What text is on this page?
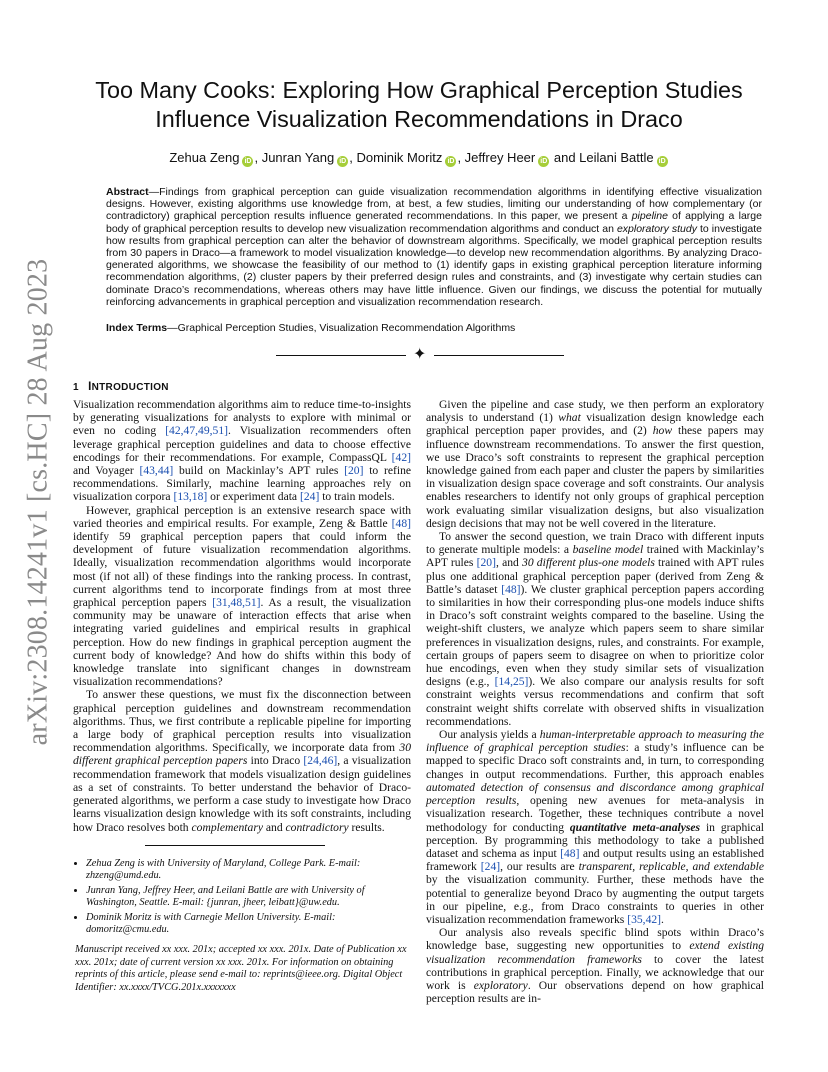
arXiv:2308.14241v1 [cs.HC] 28 Aug 2023
Too Many Cooks: Exploring How Graphical Perception Studies
Influence Visualization Recommendations in Draco
Zehua Zeng iD , Junran Yang iD , Dominik Moritz iD , Jeffrey Heer iD and Leilani Battle iD
Abstract—Findings from graphical perception can guide visualization recommendation algorithms in identifying effective visualization designs. However, existing algorithms use knowledge from, at best, a few studies, limiting our understanding of how complementary (or contradictory) graphical perception results influence generated recommendations. In this paper, we present a pipeline of applying a large body of graphical perception results to develop new visualization recommendation algorithms and conduct an exploratory study to investigate how results from graphical perception can alter the behavior of downstream algorithms. Specifically, we model graphical perception results from 30 papers in Draco—a framework to model visualization knowledge—to develop new recommendation algorithms. By analyzing Draco-generated algorithms, we showcase the feasibility of our method to (1) identify gaps in existing graphical perception literature informing recommendation algorithms, (2) cluster papers by their preferred design rules and constraints, and (3) investigate why certain studies can dominate Draco’s recommendations, whereas others may have little influence. Given our findings, we discuss the potential for mutually reinforcing advancements in graphical perception and visualization recommendation research.
Index Terms—Graphical Perception Studies, Visualization Recommendation Algorithms
✦
1 INTRODUCTION

Visualization recommendation algorithms aim to reduce time-to-insights by generating visualizations for analysts to explore with minimal or even no coding [42,47,49,51]. Visualization recommenders often leverage graphical perception guidelines and data to choose effective encodings for their recommendations. For example, CompassQL [42] and Voyager [43,44] build on Mackinlay’s APT rules [20] to refine recommendations. Similarly, machine learning approaches rely on visualization corpora [13,18] or experiment data [24] to train models.

However, graphical perception is an extensive research space with varied theories and empirical results. For example, Zeng & Battle [48] identify 59 graphical perception papers that could inform the development of future visualization recommendation algorithms. Ideally, visualization recommendation algorithms would incorporate most (if not all) of these findings into the ranking process. In contrast, current algorithms tend to incorporate findings from at most three graphical perception papers [31,48,51]. As a result, the visualization community may be unaware of interaction effects that arise when integrating varied guidelines and empirical results in graphical perception. How do new findings in graphical perception augment the current body of knowledge? And how do shifts within this body of knowledge translate into significant changes in downstream visualization recommendations?

To answer these questions, we must fix the disconnection between graphical perception guidelines and downstream recommendation algorithms. Thus, we first contribute a replicable pipeline for importing a large body of graphical perception results into visualization recommendation algorithms. Specifically, we incorporate data from 30 different graphical perception papers into Draco [24,46], a visualization recommendation framework that models visualization design guidelines as a set of constraints. To better understand the behavior of Draco-generated algorithms, we perform a case study to investigate how Draco learns visualization design knowledge with its soft constraints, including how Draco resolves both complementary and contradictory results.

• Zehua Zeng is with University of Maryland, College Park. E-mail: zhzeng@umd.edu.
• Junran Yang, Jeffrey Heer, and Leilani Battle are with University of Washington, Seattle. E-mail: {junran, jheer, leibatt}@uw.edu.
• Dominik Moritz is with Carnegie Mellon University. E-mail: domoritz@cmu.edu.
Manuscript received xx xxx. 201x; accepted xx xxx. 201x. Date of Publication xx xxx. 201x; date of current version xx xxx. 201x. For information on obtaining reprints of this article, please send e-mail to: reprints@ieee.org. Digital Object Identifier: xx.xxxx/TVCG.201x.xxxxxxx

Given the pipeline and case study, we then perform an exploratory analysis to understand (1) what visualization design knowledge each graphical perception paper provides, and (2) how these papers may influence downstream recommendations. To answer the first question, we use Draco’s soft constraints to represent the graphical perception knowledge gained from each paper and cluster the papers by similarities in visualization design space coverage and soft constraints. Our analysis enables researchers to identify not only groups of graphical perception work evaluating similar visualization designs, but also visualization design decisions that may not be well covered in the literature.

To answer the second question, we train Draco with different inputs to generate multiple models: a baseline model trained with Mackinlay’s APT rules [20], and 30 different plus-one models trained with APT rules plus one additional graphical perception paper (derived from Zeng & Battle’s dataset [48]). We cluster graphical perception papers according to similarities in how their corresponding plus-one models induce shifts in Draco’s soft constraint weights compared to the baseline. Using the weight-shift clusters, we analyze which papers seem to share similar preferences in visualization designs, rules, and constraints. For example, certain groups of papers seem to disagree on when to prioritize color hue encodings, even when they study similar sets of visualization designs (e.g., [14,25]). We also compare our analysis results for soft constraint weights versus recommendations and confirm that soft constraint weight shifts correlate with observed shifts in visualization recommendations.

Our analysis yields a human-interpretable approach to measuring the influence of graphical perception studies: a study’s influence can be mapped to specific Draco soft constraints and, in turn, to corresponding changes in output recommendations. Further, this approach enables automated detection of consensus and discordance among graphical perception results, opening new avenues for meta-analysis in visualization research. Together, these techniques contribute a novel methodology for conducting quantitative meta-analyses in graphical perception. By programming this methodology to take a published dataset and schema as input [48] and output results using an established framework [24], our results are transparent, replicable, and extendable by the visualization community. Further, these methods have the potential to generalize beyond Draco by augmenting the output targets in our pipeline, e.g., from Draco constraints to queries in other visualization recommendation frameworks [35,42].

Our analysis also reveals specific blind spots within Draco’s knowledge base, suggesting new opportunities to extend existing visualization recommendation frameworks to cover the latest contributions in graphical perception. Finally, we acknowledge that our work is exploratory. Our observations depend on how graphical perception results are in-
